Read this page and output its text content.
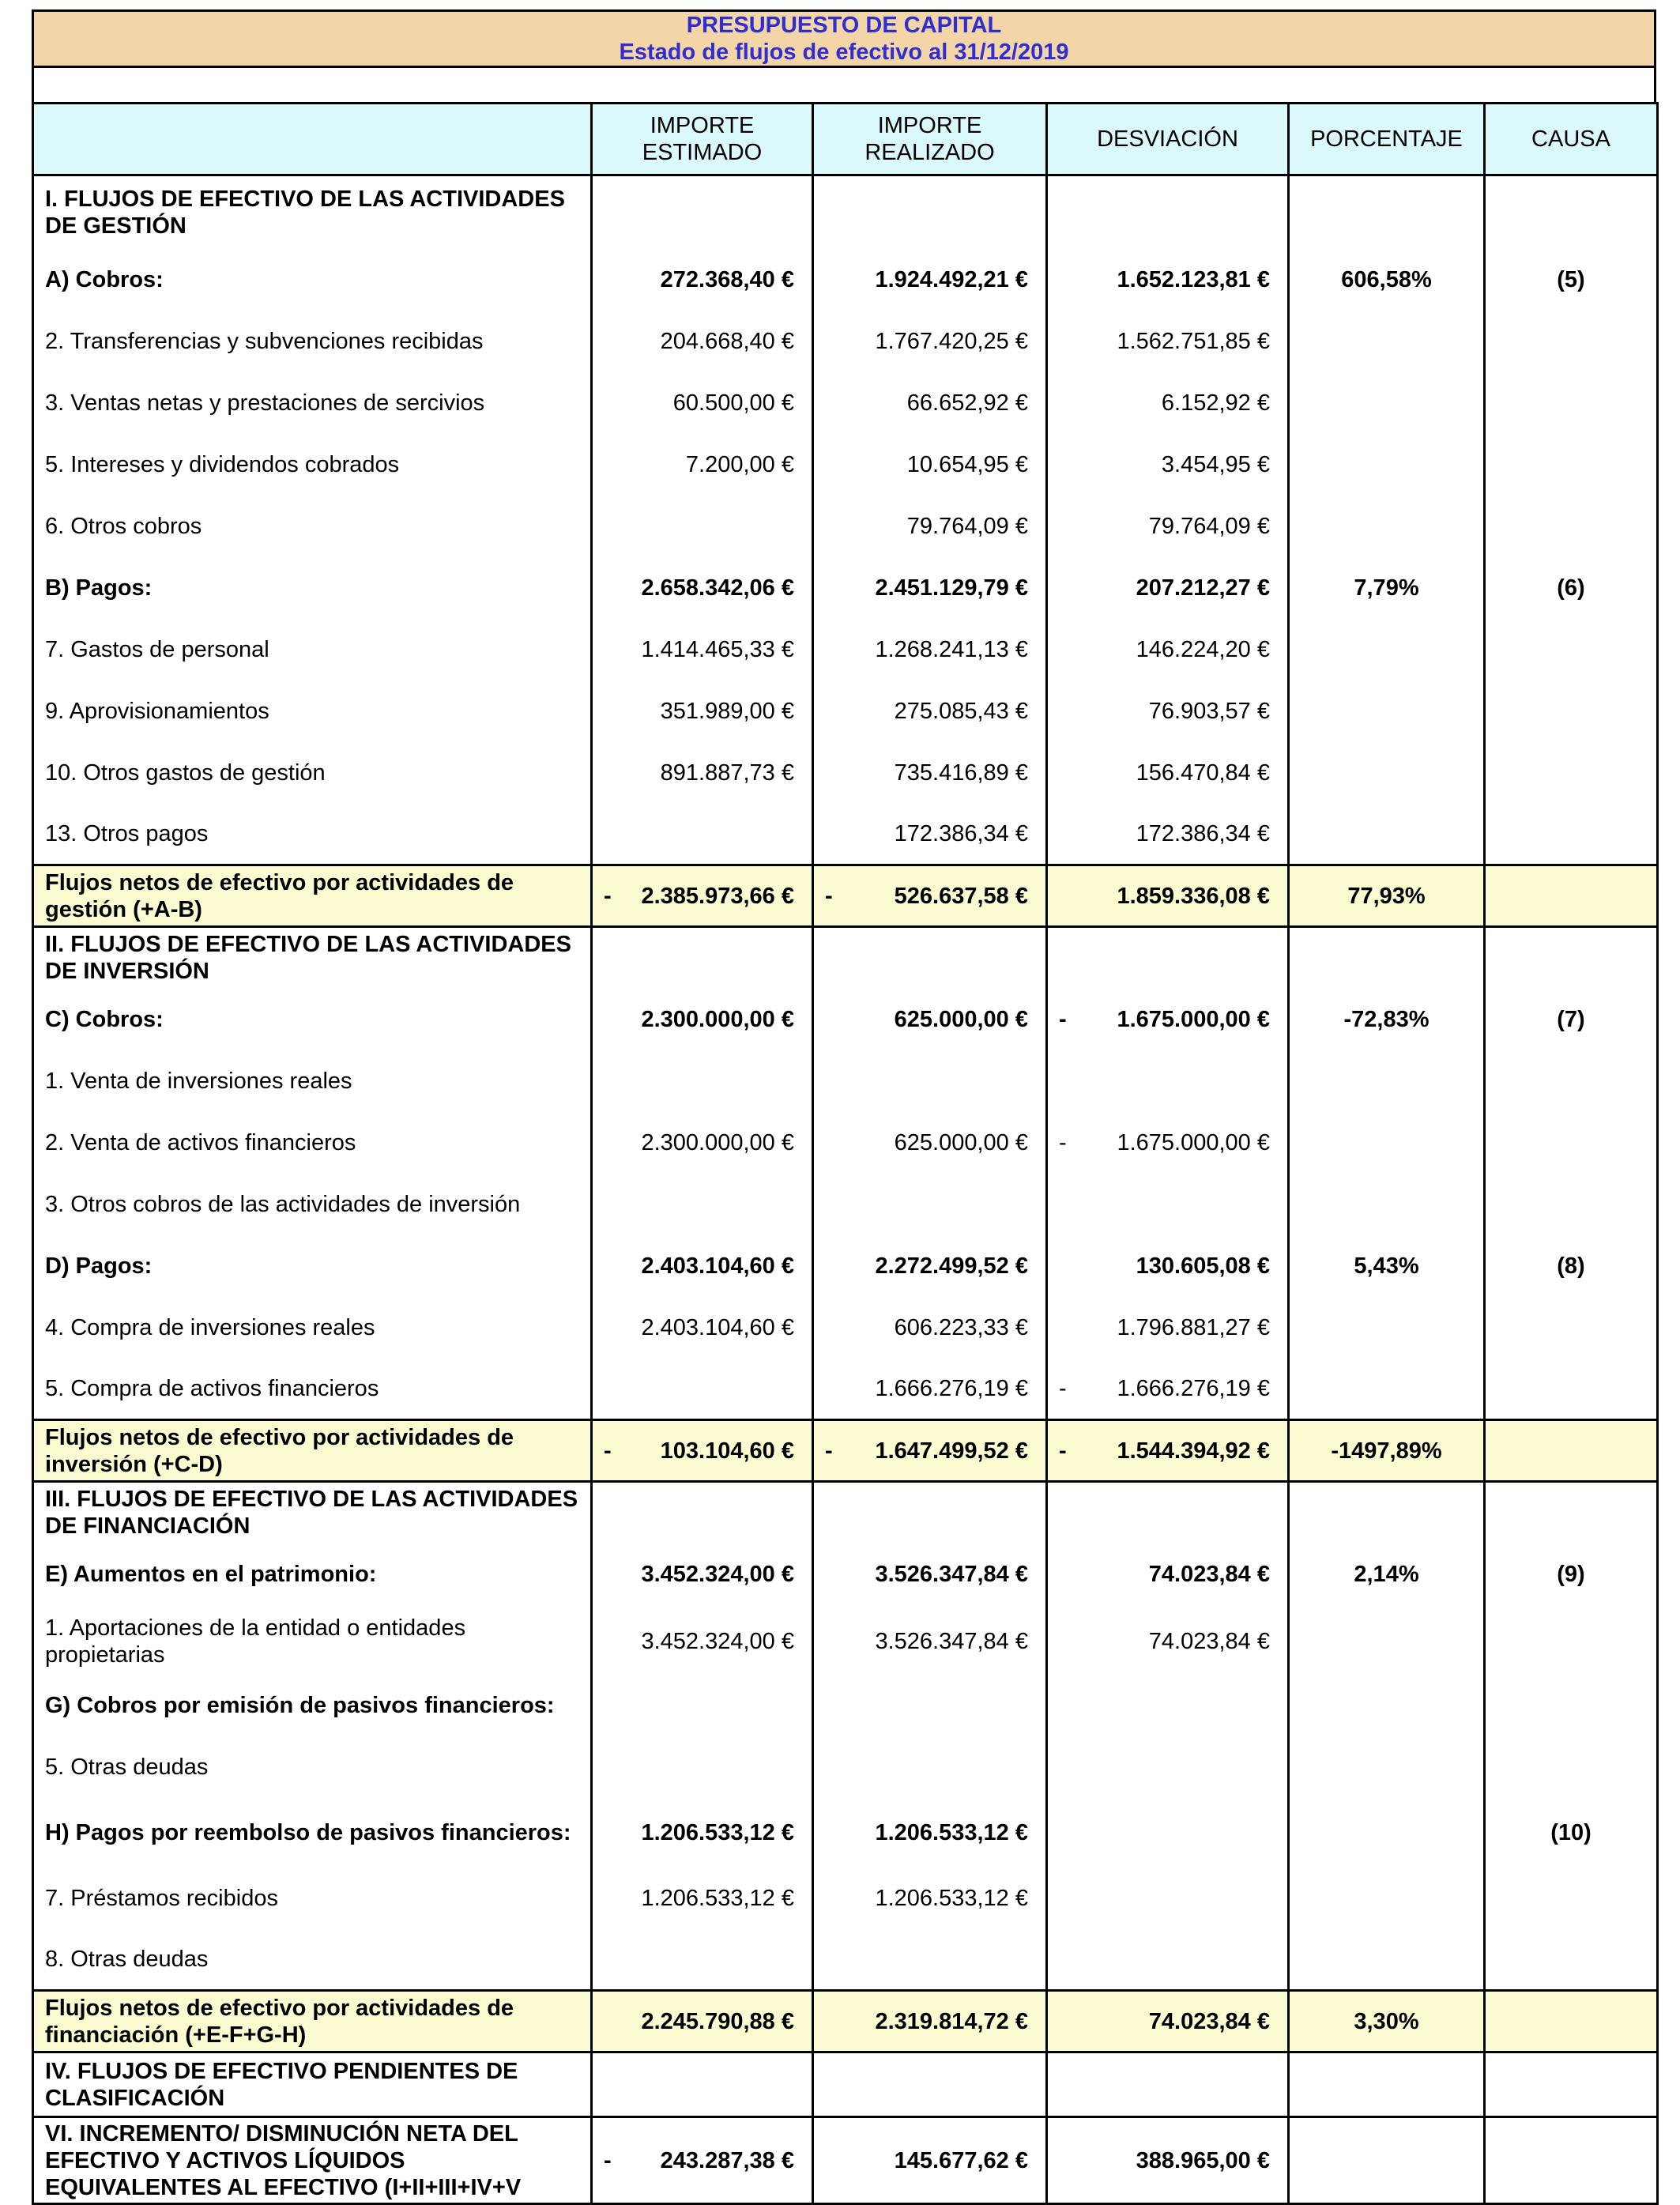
PRESUPUESTO DE CAPITAL
Estado de flujos de efectivo al 31/12/2019
	IMPORTE ESTIMADO	IMPORTE REALIZADO	DESVIACIÓN	PORCENTAJE	CAUSA
I. FLUJOS DE EFECTIVO DE LAS ACTIVIDADES DE GESTIÓN	

A) Cobros:	272.368,40 €	1.924.492,21 €	1.652.123,81 €	606,58%	(5)
2. Transferencias y subvenciones recibidas	204.668,40 €	1.767.420,25 €	1.562.751,85 €		
3. Ventas netas y prestaciones de sercivios	60.500,00 €	66.652,92 €	6.152,92 €		
5. Intereses y dividendos cobrados	7.200,00 €	10.654,95 €	3.454,95 €		
6. Otros cobros		79.764,09 €	79.764,09 €		
B) Pagos:	2.658.342,06 €	2.451.129,79 €	207.212,27 €	7,79%	(6)
7. Gastos de personal	1.414.465,33 €	1.268.241,13 €	146.224,20 €		
9. Aprovisionamientos	351.989,00 €	275.085,43 €	76.903,57 €		
10. Otros gastos de gestión	891.887,73 €	735.416,89 €	156.470,84 €		
13. Otros pagos		172.386,34 €	172.386,34 €		
Flujos netos de efectivo por actividades de gestión (+A-B)	- 2.385.973,66 €	- 526.637,58 €	1.859.336,08 €	77,93%	
II. FLUJOS DE EFECTIVO DE LAS ACTIVIDADES DE INVERSIÓN	

C) Cobros:	2.300.000,00 €	625.000,00 €	- 1.675.000,00 €	-72,83%	(7)
1. Venta de inversiones reales	

2. Venta de activos financieros	2.300.000,00 €	625.000,00 €	- 1.675.000,00 €		
3. Otros cobros de las actividades de inversión	

D) Pagos:	2.403.104,60 €	2.272.499,52 €	130.605,08 €	5,43%	(8)
4. Compra de inversiones reales	2.403.104,60 €	606.223,33 €	1.796.881,27 €		
5. Compra de activos financieros		1.666.276,19 €	- 1.666.276,19 €		
Flujos netos de efectivo por actividades de inversión (+C-D)	- 103.104,60 €	- 1.647.499,52 €	- 1.544.394,92 €	-1497,89%	
III. FLUJOS DE EFECTIVO DE LAS ACTIVIDADES DE FINANCIACIÓN	

E) Aumentos en el patrimonio:	3.452.324,00 €	3.526.347,84 €	74.023,84 €	2,14%	(9)
1. Aportaciones de la entidad o entidades propietarias	3.452.324,00 €	3.526.347,84 €	74.023,84 €		
G) Cobros por emisión de pasivos financieros:	

5. Otras deudas	

H) Pagos por reembolso de pasivos financieros:	1.206.533,12 €	1.206.533,12 €			(10)
7. Préstamos recibidos	1.206.533,12 €	1.206.533,12 €	

8. Otras deudas	

Flujos netos de efectivo por actividades de financiación (+E-F+G-H)	2.245.790,88 €	2.319.814,72 €	74.023,84 €	3,30%	
IV. FLUJOS DE EFECTIVO PENDIENTES DE CLASIFICACIÓN	

VI. INCREMENTO/ DISMINUCIÓN NETA DEL EFECTIVO Y ACTIVOS LÍQUIDOS EQUIVALENTES AL EFECTIVO (I+II+III+IV+V	- 243.287,38 €	145.677,62 €	388.965,00 €		
